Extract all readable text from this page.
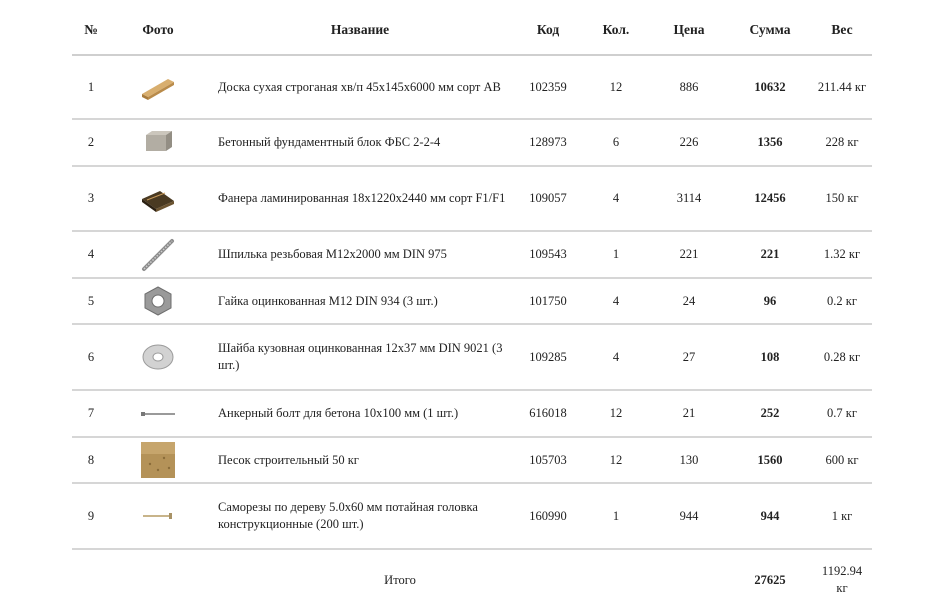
№	Фото	Название	Код	Кол.	Цена	Сумма	Вес
1		Доска сухая строганая хв/п 45х145х6000 мм сорт АВ	102359	12	886	10632	211.44 кг
2		Бетонный фундаментный блок ФБС 2-2-4	128973	6	226	1356	228 кг
3		Фанера ламинированная 18х1220х2440 мм сорт F1/F1	109057	4	3114	12456	150 кг
4		Шпилька резьбовая М12х2000 мм DIN 975	109543	1	221	221	1.32 кг
5		Гайка оцинкованная М12 DIN 934 (3 шт.)	101750	4	24	96	0.2 кг
6		Шайба кузовная оцинкованная 12х37 мм DIN 9021 (3 шт.)	109285	4	27	108	0.28 кг
7		Анкерный болт для бетона 10х100 мм (1 шт.)	616018	12	21	252	0.7 кг
8		Песок строительный 50 кг	105703	12	130	1560	600 кг
9		Саморезы по дереву 5.0х60 мм потайная головка конструкционные (200 шт.)	160990	1	944	944	1 кг
Итого						27625	1192.94 кг
